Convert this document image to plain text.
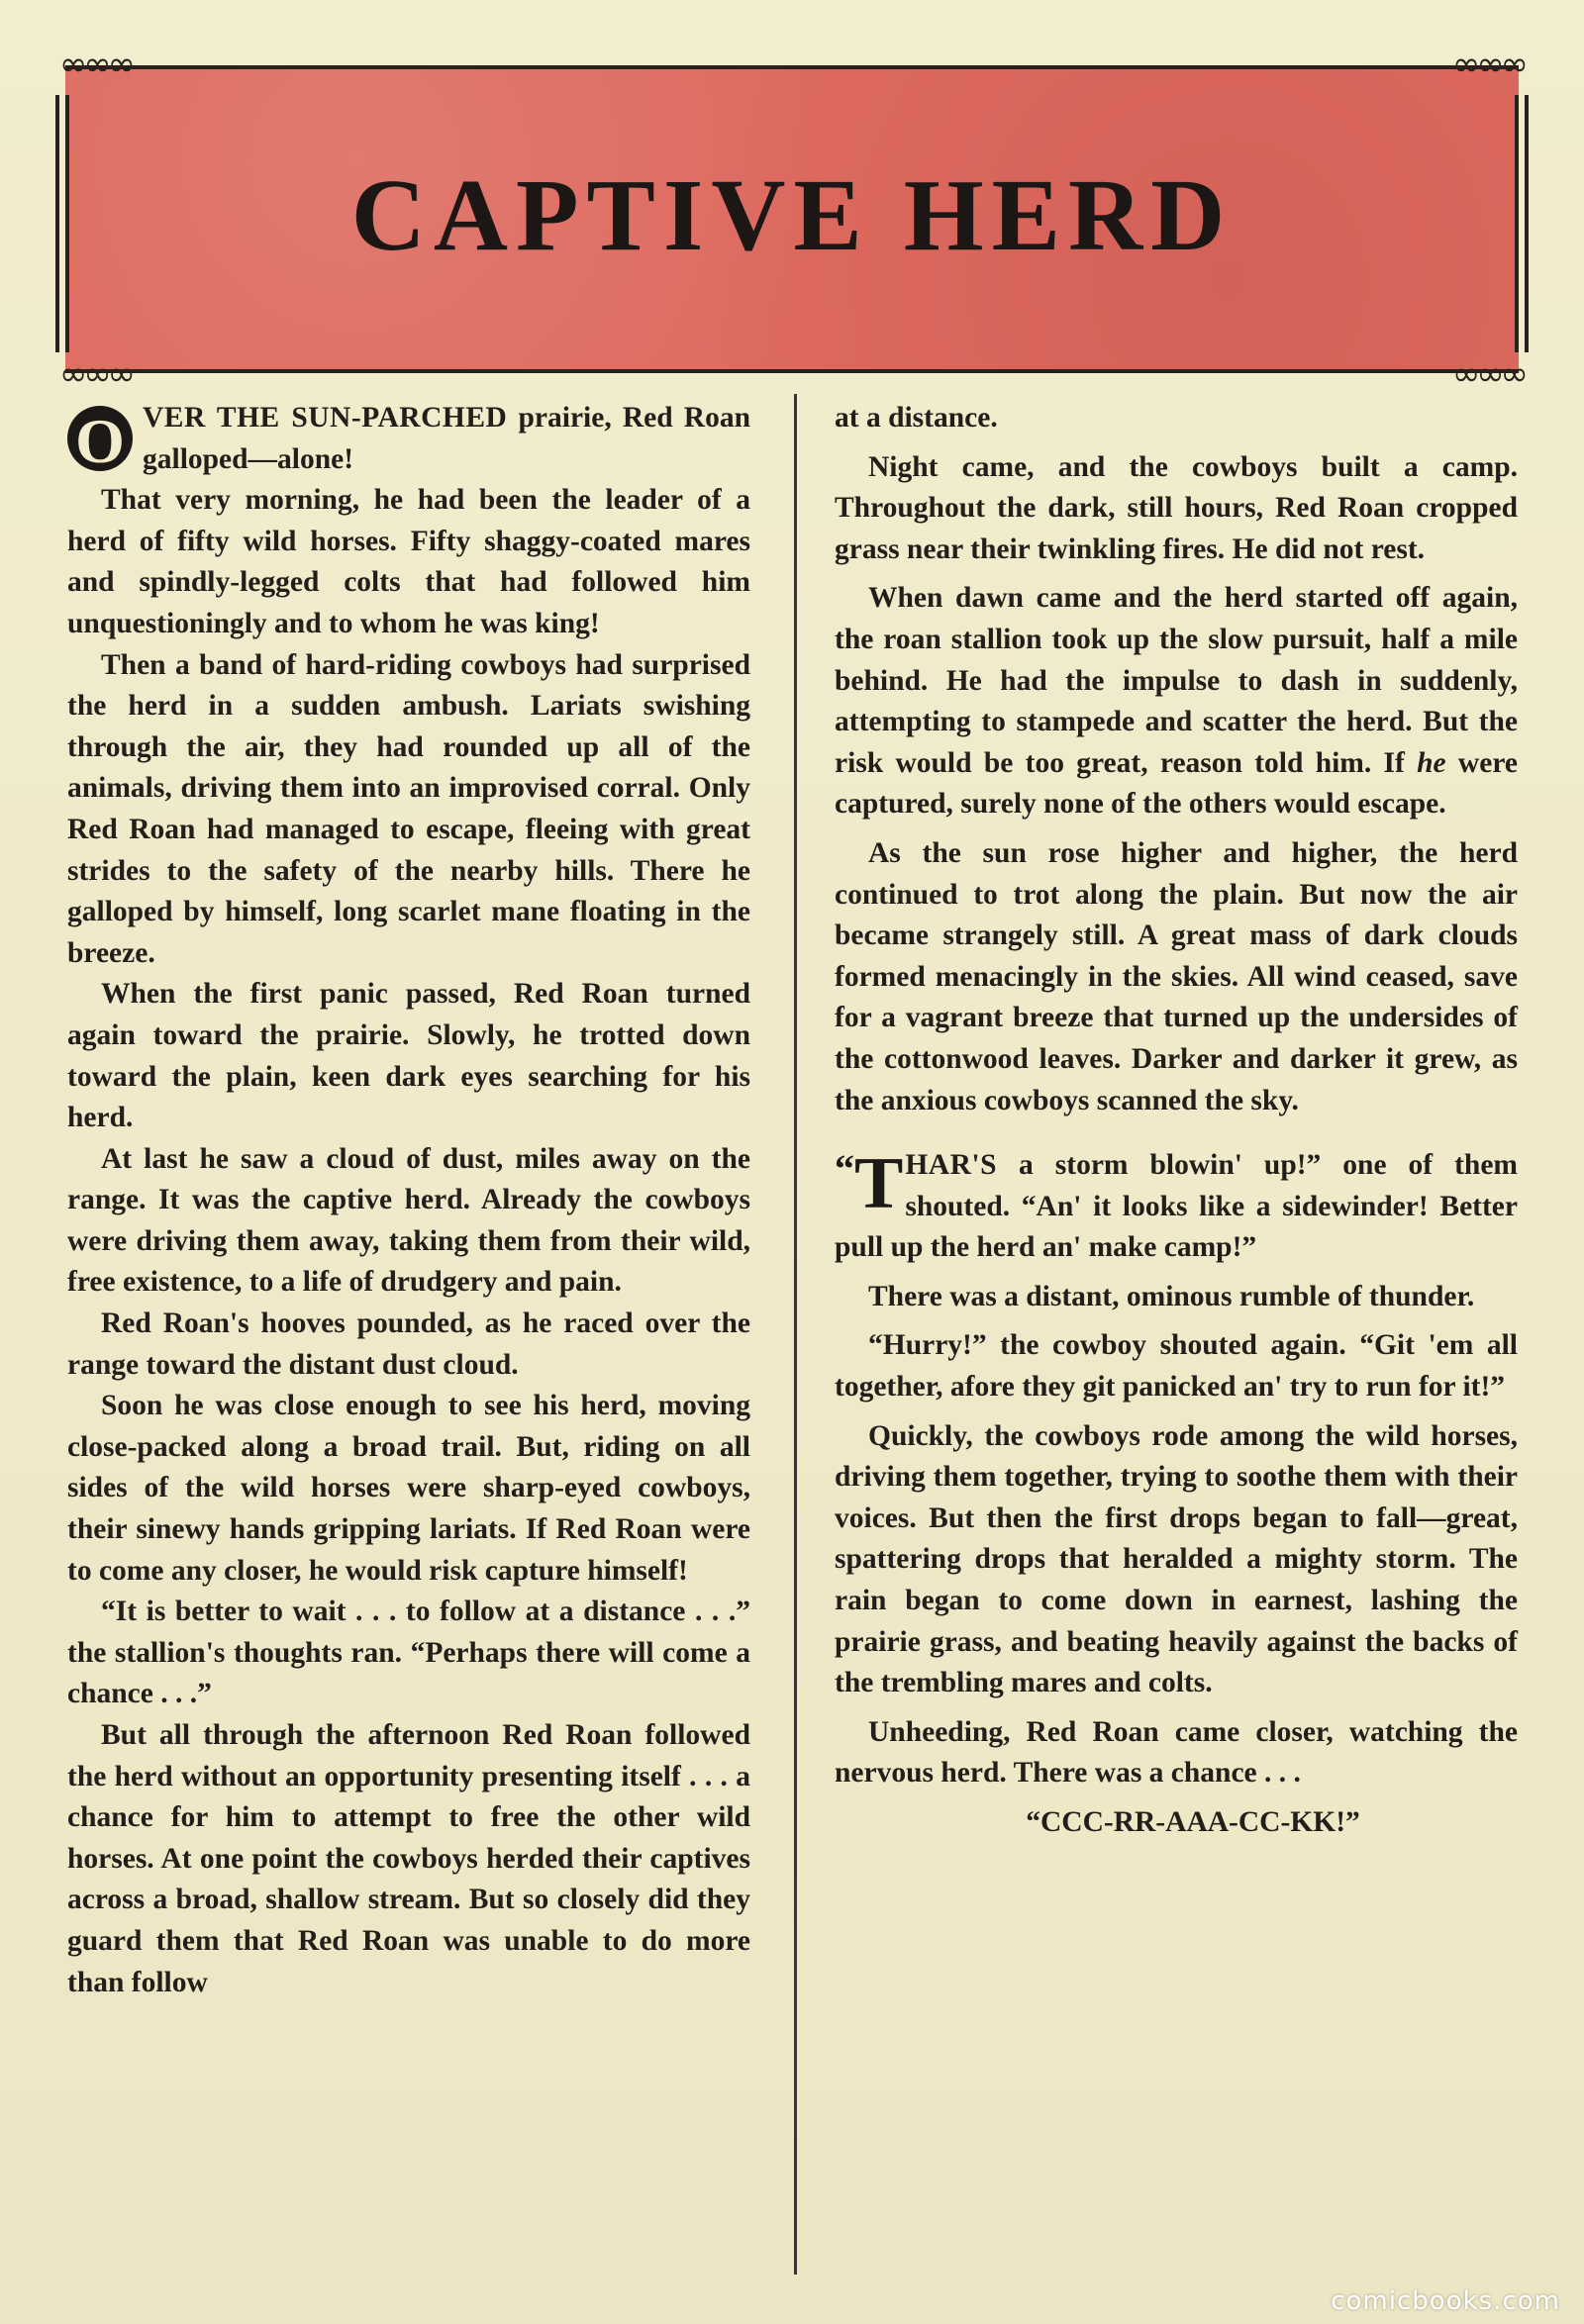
∞∞∞	∞∞∞
∞∞∞	∞∞∞
CAPTIVE HERD

O VER THE SUN-PARCHED prairie, Red Roan galloped—alone!

That very morning, he had been the leader of a herd of fifty wild horses. Fifty shaggy-coated mares and spindly-legged colts that had followed him unquestioningly and to whom he was king!

Then a band of hard-riding cowboys had surprised the herd in a sudden ambush. Lariats swishing through the air, they had rounded up all of the animals, driving them into an improvised corral. Only Red Roan had managed to escape, fleeing with great strides to the safety of the nearby hills. There he galloped by himself, long scarlet mane floating in the breeze.

When the first panic passed, Red Roan turned again toward the prairie. Slowly, he trotted down toward the plain, keen dark eyes searching for his herd.

At last he saw a cloud of dust, miles away on the range. It was the captive herd. Already the cowboys were driving them away, taking them from their wild, free existence, to a life of drudgery and pain.

Red Roan's hooves pounded, as he raced over the range toward the distant dust cloud.

Soon he was close enough to see his herd, moving close-packed along a broad trail. But, riding on all sides of the wild horses were sharp-eyed cowboys, their sinewy hands gripping lariats. If Red Roan were to come any closer, he would risk capture himself!

“It is better to wait . . . to follow at a distance . . .” the stallion's thoughts ran. “Perhaps there will come a chance . . .”

But all through the afternoon Red Roan followed the herd without an opportunity presenting itself . . . a chance for him to attempt to free the other wild horses. At one point the cowboys herded their captives across a broad, shallow stream. But so closely did they guard them that Red Roan was unable to do more than follow

at a distance.

Night came, and the cowboys built a camp. Throughout the dark, still hours, Red Roan cropped grass near their twinkling fires. He did not rest.

When dawn came and the herd started off again, the roan stallion took up the slow pursuit, half a mile behind. He had the impulse to dash in suddenly, attempting to stampede and scatter the herd. But the risk would be too great, reason told him. If he were captured, surely none of the others would escape.

As the sun rose higher and higher, the herd continued to trot along the plain. But now the air became strangely still. A great mass of dark clouds formed menacingly in the skies. All wind ceased, save for a vagrant breeze that turned up the undersides of the cottonwood leaves. Darker and darker it grew, as the anxious cowboys scanned the sky.

“T HAR'S a storm blowin' up!” one of them shouted. “An' it looks like a sidewinder! Better pull up the herd an' make camp!”

There was a distant, ominous rumble of thunder.

“Hurry!” the cowboy shouted again. “Git 'em all together, afore they git panicked an' try to run for it!”

Quickly, the cowboys rode among the wild horses, driving them together, trying to soothe them with their voices. But then the first drops began to fall—great, spattering drops that heralded a mighty storm. The rain began to come down in earnest, lashing the prairie grass, and beating heavily against the backs of the trembling mares and colts.

Unheeding, Red Roan came closer, watching the nervous herd. There was a chance . . .

“CCC-RR-AAA-CC-KK!”

comicbooks.com
